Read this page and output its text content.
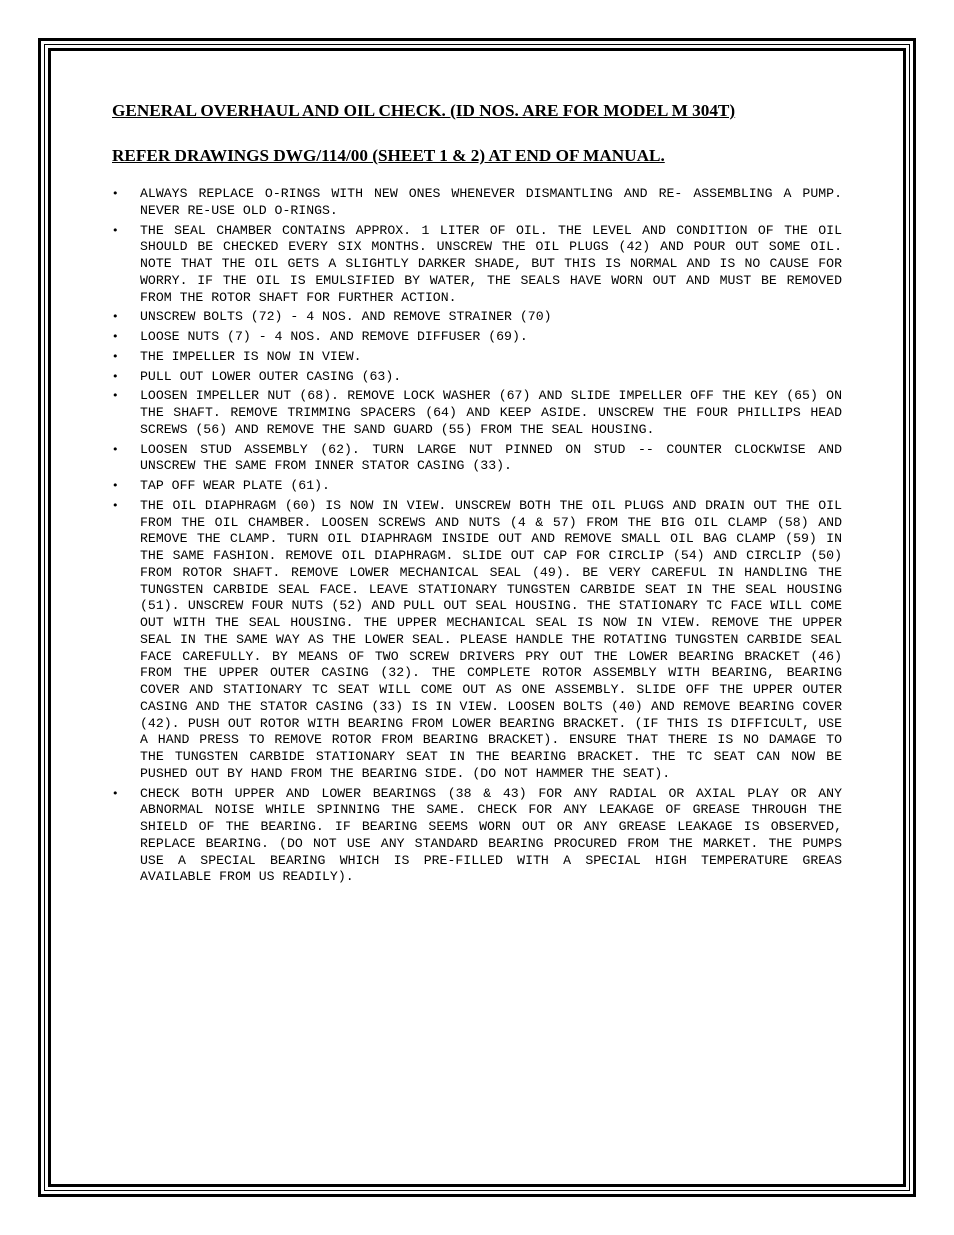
GENERAL OVERHAUL AND OIL CHECK. (ID NOS. ARE FOR MODEL M 304T)
REFER DRAWINGS DWG/114/00 (SHEET 1 & 2) AT END OF MANUAL.
•	ALWAYS REPLACE O-RINGS WITH NEW ONES WHENEVER DISMANTLING AND RE- ASSEMBLING A PUMP. NEVER RE-USE OLD O-RINGS.
•	THE SEAL CHAMBER CONTAINS APPROX. 1 LITER OF OIL. THE LEVEL AND CONDITION OF THE OIL SHOULD BE CHECKED EVERY SIX MONTHS. UNSCREW THE OIL PLUGS (42) AND POUR OUT SOME OIL. NOTE THAT THE OIL GETS A SLIGHTLY DARKER SHADE, BUT THIS IS NORMAL AND IS NO CAUSE FOR WORRY. IF THE OIL IS EMULSIFIED BY WATER, THE SEALS HAVE WORN OUT AND MUST BE REMOVED FROM THE ROTOR SHAFT FOR FURTHER ACTION.
•	UNSCREW BOLTS (72) - 4 NOS. AND REMOVE STRAINER (70)
•	LOOSE NUTS (7) - 4 NOS. AND REMOVE DIFFUSER (69).
•	THE IMPELLER IS NOW IN VIEW.
•	PULL OUT LOWER OUTER CASING (63).
•	LOOSEN IMPELLER NUT (68). REMOVE LOCK WASHER (67) AND SLIDE IMPELLER OFF THE KEY (65) ON THE SHAFT. REMOVE TRIMMING SPACERS (64) AND KEEP ASIDE. UNSCREW THE FOUR PHILLIPS HEAD SCREWS (56) AND REMOVE THE SAND GUARD (55) FROM THE SEAL HOUSING.
•	LOOSEN STUD ASSEMBLY (62). TURN LARGE NUT PINNED ON STUD -- COUNTER CLOCKWISE AND UNSCREW THE SAME FROM INNER STATOR CASING (33).
•	TAP OFF WEAR PLATE (61).
•	THE OIL DIAPHRAGM (60) IS NOW IN VIEW. UNSCREW BOTH THE OIL PLUGS AND DRAIN OUT THE OIL FROM THE OIL CHAMBER. LOOSEN SCREWS AND NUTS (4 & 57) FROM THE BIG OIL CLAMP (58) AND REMOVE THE CLAMP. TURN OIL DIAPHRAGM INSIDE OUT AND REMOVE SMALL OIL BAG CLAMP (59) IN THE SAME FASHION. REMOVE OIL DIAPHRAGM. SLIDE OUT CAP FOR CIRCLIP (54) AND CIRCLIP (50) FROM ROTOR SHAFT. REMOVE LOWER MECHANICAL SEAL (49). BE VERY CAREFUL IN HANDLING THE TUNGSTEN CARBIDE SEAL FACE. LEAVE STATIONARY TUNGSTEN CARBIDE SEAT IN THE SEAL HOUSING (51). UNSCREW FOUR NUTS (52) AND PULL OUT SEAL HOUSING. THE STATIONARY TC FACE WILL COME OUT WITH THE SEAL HOUSING. THE UPPER MECHANICAL SEAL IS NOW IN VIEW. REMOVE THE UPPER SEAL IN THE SAME WAY AS THE LOWER SEAL. PLEASE HANDLE THE ROTATING TUNGSTEN CARBIDE SEAL FACE CAREFULLY. BY MEANS OF TWO SCREW DRIVERS PRY OUT THE LOWER BEARING BRACKET (46) FROM THE UPPER OUTER CASING (32). THE COMPLETE ROTOR ASSEMBLY WITH BEARING, BEARING COVER AND STATIONARY TC SEAT WILL COME OUT AS ONE ASSEMBLY. SLIDE OFF THE UPPER OUTER CASING AND THE STATOR CASING (33) IS IN VIEW. LOOSEN BOLTS (40) AND REMOVE BEARING COVER (42). PUSH OUT ROTOR WITH BEARING FROM LOWER BEARING BRACKET. (IF THIS IS DIFFICULT, USE A HAND PRESS TO REMOVE ROTOR FROM BEARING BRACKET). ENSURE THAT THERE IS NO DAMAGE TO THE TUNGSTEN CARBIDE STATIONARY SEAT IN THE BEARING BRACKET. THE TC SEAT CAN NOW BE PUSHED OUT BY HAND FROM THE BEARING SIDE. (DO NOT HAMMER THE SEAT).
•	CHECK BOTH UPPER AND LOWER BEARINGS (38 & 43) FOR ANY RADIAL OR AXIAL PLAY OR ANY ABNORMAL NOISE WHILE SPINNING THE SAME. CHECK FOR ANY LEAKAGE OF GREASE THROUGH THE SHIELD OF THE BEARING. IF BEARING SEEMS WORN OUT OR ANY GREASE LEAKAGE IS OBSERVED, REPLACE BEARING. (DO NOT USE ANY STANDARD BEARING PROCURED FROM THE MARKET. THE PUMPS USE A SPECIAL BEARING WHICH IS PRE-FILLED WITH A SPECIAL HIGH TEMPERATURE GREAS AVAILABLE FROM US READILY).
